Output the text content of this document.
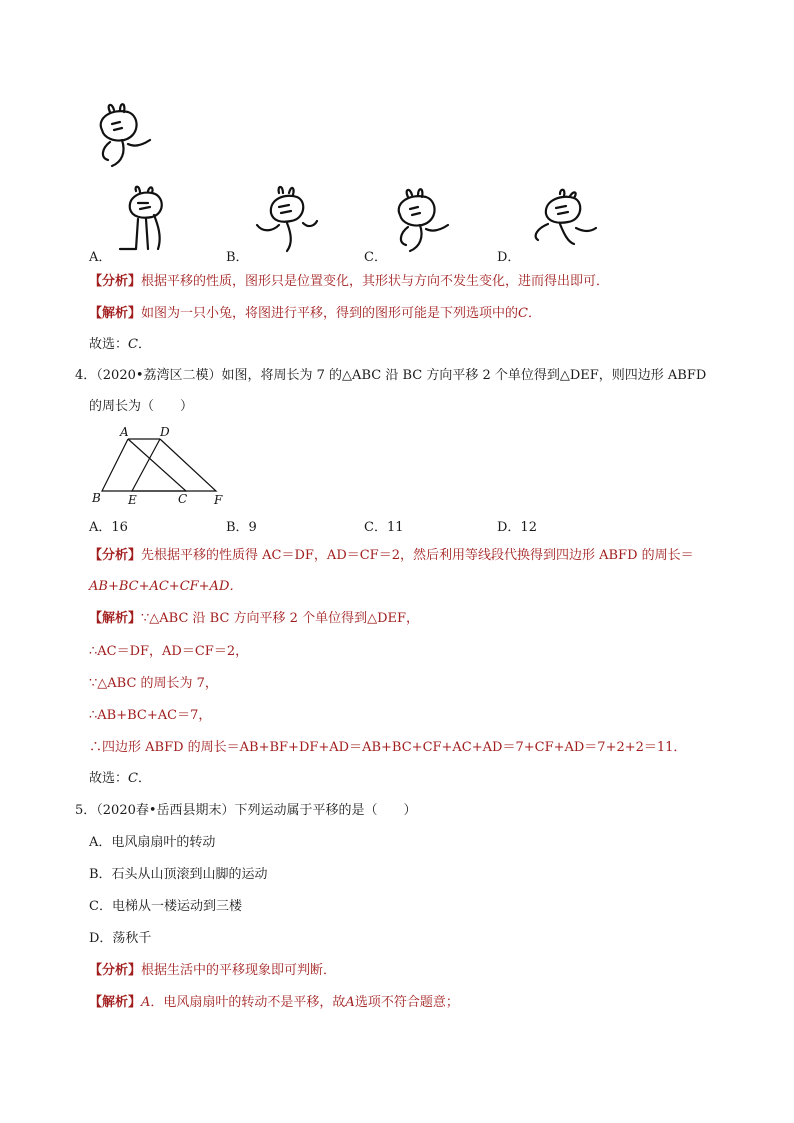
A．	B．	C．	D．
【分析】根据平移的性质，图形只是位置变化，其形状与方向不发生变化，进而得出即可．
【解析】如图为一只小兔，将图进行平移，得到的图形可能是下列选项中的C．
故选：C．
4．（2020•荔湾区二模）如图，将周长为 7 的△ABC 沿 BC 方向平移 2 个单位得到△DEF，则四边形 ABFD
的周长为（　　）
A	D
B E	C F
A．16	B．9	C．11	D．12
【分析】先根据平移的性质得 AC＝DF，AD＝CF＝2，然后利用等线段代换得到四边形 ABFD 的周长＝
AB+BC+AC+CF+AD．
【解析】∵△ABC 沿 BC 方向平移 2 个单位得到△DEF，
∴AC＝DF，AD＝CF＝2，
∵△ABC 的周长为 7，
∴AB+BC+AC＝7，
∴四边形 ABFD 的周长＝AB+BF+DF+AD＝AB+BC+CF+AC+AD＝7+CF+AD＝7+2+2＝11．
故选：C．
5．（2020春•岳西县期末）下列运动属于平移的是（　　）
A．电风扇扇叶的转动
B．石头从山顶滚到山脚的运动
C．电梯从一楼运动到三楼
D．荡秋千
【分析】根据生活中的平移现象即可判断．
【解析】A．电风扇扇叶的转动不是平移，故A选项不符合题意；
